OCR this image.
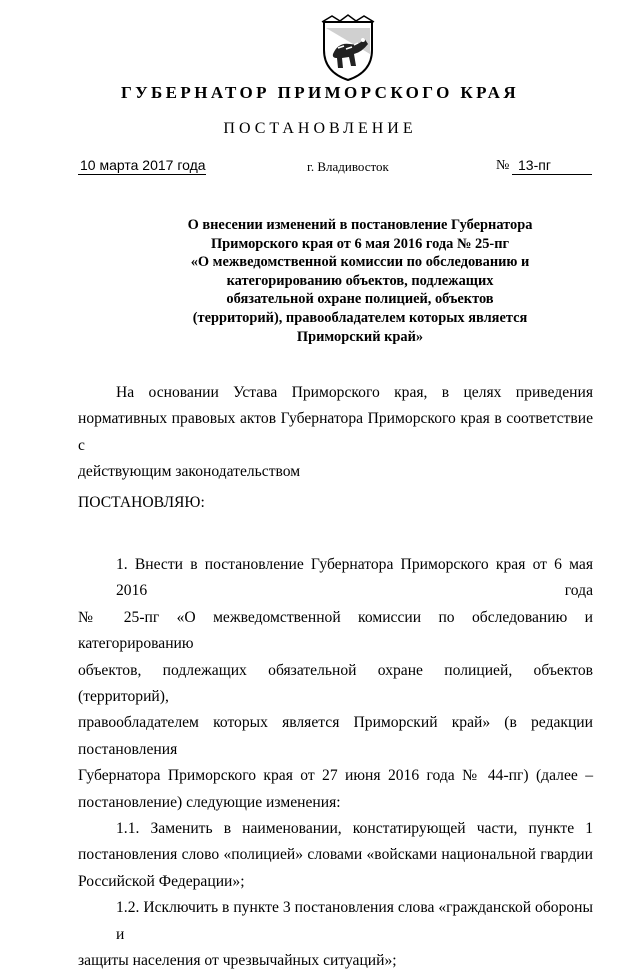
ГУБЕРНАТОР ПРИМОРСКОГО КРАЯ
ПОСТАНОВЛЕНИЕ
10 марта 2017 года	г. Владивосток	№ 13-пг
О внесении изменений в постановление Губернатора
Приморского края от 6 мая 2016 года № 25-пг
«О межведомственной комиссии по обследованию и
категорированию объектов, подлежащих
обязательной охране полицией, объектов
(территорий), правообладателем которых является
Приморский край»
На основании Устава Приморского края, в целях приведения
нормативных правовых актов Губернатора Приморского края в соответствие с
действующим законодательством
ПОСТАНОВЛЯЮ:
1. Внести в постановление Губернатора Приморского края от 6 мая 2016 года
№ 25-пг «О межведомственной комиссии по обследованию и категорированию
объектов, подлежащих обязательной охране полицией, объектов (территорий),
правообладателем которых является Приморский край» (в редакции постановления
Губернатора Приморского края от 27 июня 2016 года № 44-пг) (далее –
постановление) следующие изменения:
1.1. Заменить в наименовании, констатирующей части, пункте 1
постановления слово «полицией» словами «войсками национальной гвардии
Российской Федерации»;
1.2. Исключить в пункте 3 постановления слова «гражданской обороны и
защиты населения от чрезвычайных ситуаций»;
